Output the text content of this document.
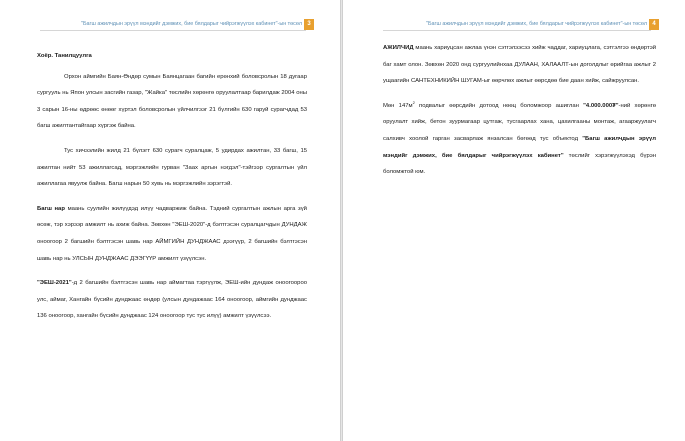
"Багш ажилчдын эрүүл мэндийг дэмжих, бие бялдарыг чийрэгжүүлэх кабинет"-ын төсөл 3

Хоёр. Танилцуулга

Орхон аймгийн Баян-Өндөр сумын Баянцагаан багийн ерөнхий боловсролын 18 дугаар сургууль нь Япон улсын засгийн газар, "Жайка" төслийн хөрөнгө оруулалтаар барилдаж 2004 оны 3 сарын 16-ны өдрөөс өнөөг хүртэл боловсролын үйлчилгээг 21 бүлгийн 630 гаруй сурагчдад 53 багш ажилтантайгаар хүргэж байна.

Тус хичээлийн жилд 21 бүлэгт 630 сурагч суралцаж, 5 удирдах ажилтан, 33 багш, 15 ажилтан нийт 53 ажиллагсад, мэргэжлийн гурван "Заах аргын нэгдэл"-тэйгээр сургалтын үйл ажиллагаа явуулж байна. Багш нарын 50 хувь нь мэргэжлийн зэрэгтэй.

Багш нар маань суулийн жилүүдэд илүү чадваржиж байна. Тэдний сургалтын ажлын арга зүй өсөж, тэр хэрээр амжилт нь ахиж байна. Зөвхөн "ЭЕШ-2020"-д бэлтгэсэн суралцагчдын ДУНДАЖ оноогоор 2 багшийн бэлтгэсэн шавь нар АЙМГИЙН ДУНДЖААС дээгүүр, 2 багшийн бэлтгэсэн шавь нар нь УЛСЫН ДУНДЖААС ДЭЭГҮҮР амжилт үзүүлсэн.

"ЭЕШ-2021"-д 2 багшийн бэлтгэсэн шавь нар аймагтаа тэргүүлж, ЭЕШ-ийн дундаж оноогоороо улс, аймаг, Хангайн бүсийн дунджаас өндөр (улсын дундажаас 164 оноогоор, аймгийн дунджаас 136 оноогоор, хангайн бүсийн дунджаас 124 оноогоор тус тус илүү) амжилт үзүүлсээ.

"Багш ажилчдын эрүүл мэндийг дэмжих, бие бялдарыг чийрэгжүүлэх кабинет"-ын төсөл 4

АЖИЛЧИД маань хариуцсан ажлаа үнэн сэтгэлээсээ хийж чаддаг, хариуцлага, сэтгэлгээ өндөртэй баг хамт олон. Зөвхөн 2020 онд сургуулийнхаа ДУЛААН, ХАЛААЛТ-ын доголдлыг өрийгаа ажлыг 2 ущаагийн САНТЕХНИКИЙН ШУГАМ-ыг өөрчлөх ажлыг өөрсдөө бие даан хийж, сайжруулсан.

Мөн $147м^2$ подвалыг өөрсдийн дотоод нөөц боломжоор ашиглан "4.000.000₮"-ний хөрөнгө оруулалт хийж, бетон зуурмагаар цутгаж, тусгаарлах хана, цахилгааны монтаж, агааржуулагч салхивч хоолой гарган засварлаж янзалсан бөгөөд тус объектод "Багш ажилчдын эрүүл мэндийг дэмжих, бие бялдарыг чийрэгжүүлэх кабинет" төслийг хэрэгжүүлэхэд бүрэн боломжтой юм.
